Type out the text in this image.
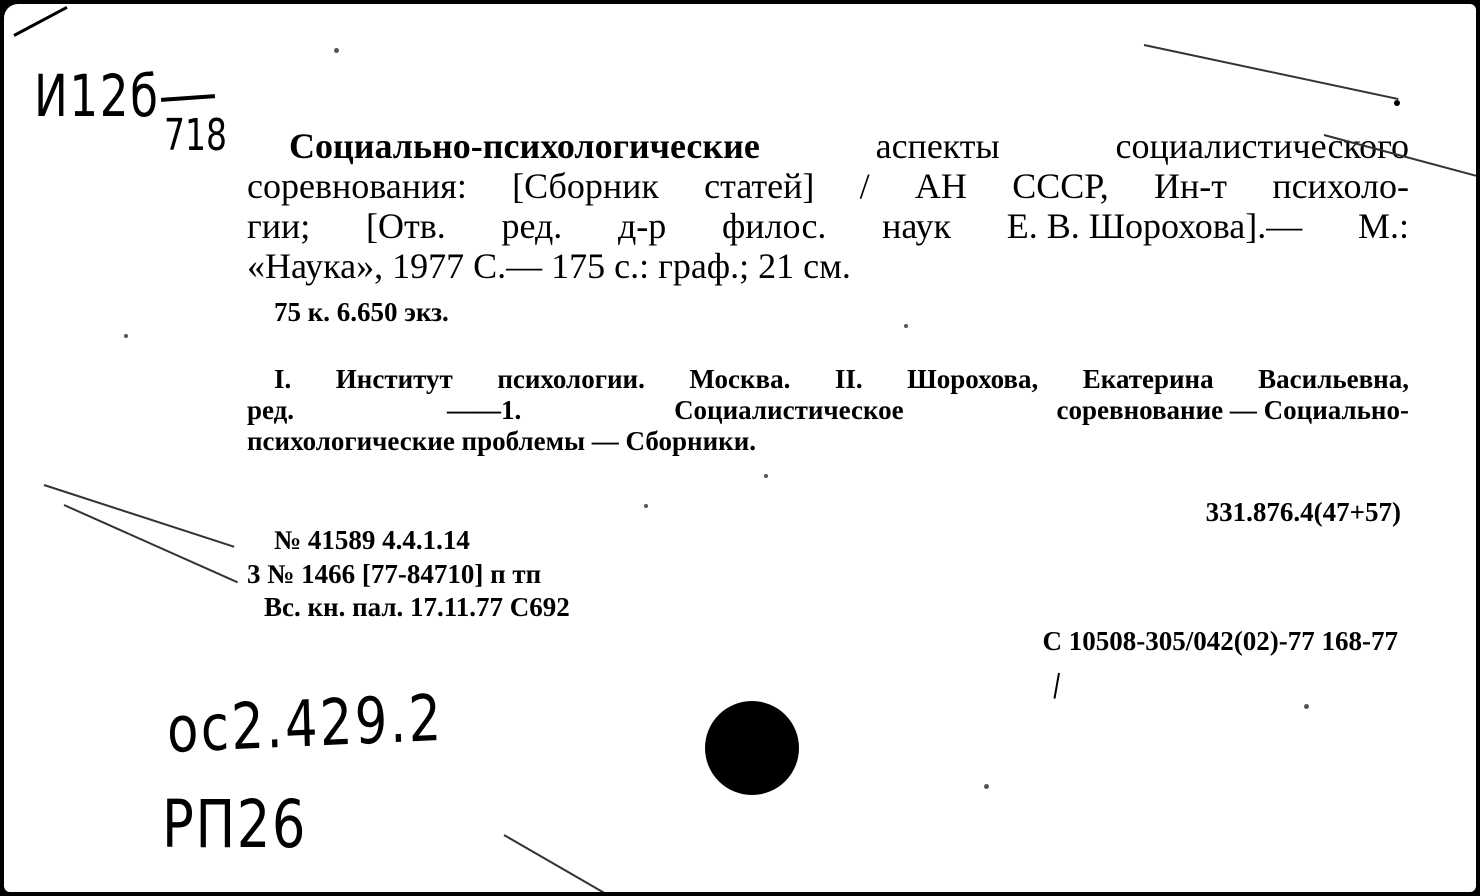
И12б
718 Социально-психологические	аспекты	социалистического
соревнования: [Сборник статей] / АН СССР, Ин-т психоло-
гии; [Отв. ред. д-р филос. наук Е. В. Шорохова].— М.:
«Наука», 1977 С.— 175 с.: граф.; 21 см.
75 к. 6.650 экз.
I. Институт психологии. Москва. II. Шорохова, Екатерина Васильевна,
ред.	——1.	Социалистическое	соревнование — Социально-
психологические проблемы — Сборники.
331.876.4(47+57)
№ 41589 4.4.1.14
3 № 1466 [77-84710] п тп
Вс. кн. пал. 17.11.77 С692
С 10508-305/042(02)-77 168-77
ос2.429.2
РП26
